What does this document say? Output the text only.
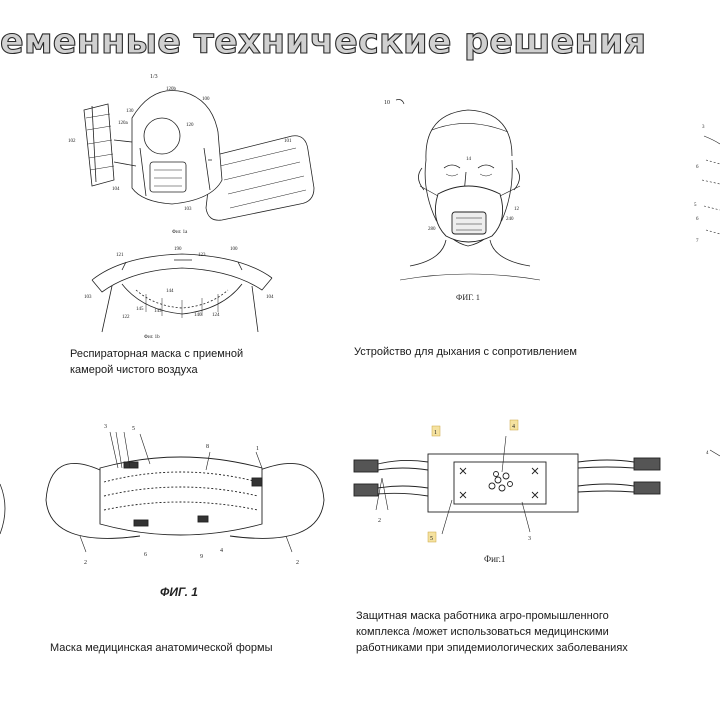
еменные технические решения
1/3
120b
100
130
120a	120
102	101
104
103
Фиг. 1а
121
190
123
100
103
144
104
122
145 143
140 124
Фиг. 1b
Респираторная маска с приемной
камерой чистого воздуха
10
14
12
280
240
ФИГ. 1
Устройство для дыхания с сопротивлением
3	5
8	1
2
6	9
4
2
ФИГ. 1
Маска медицинская анатомической формы
1
4
2
5	3
Фиг.1
Защитная маска работника агро-промышленного
комплекса /может использоваться медицинскими
работниками при эпидемиологических заболеваниях
3
6
5
6
7
4
